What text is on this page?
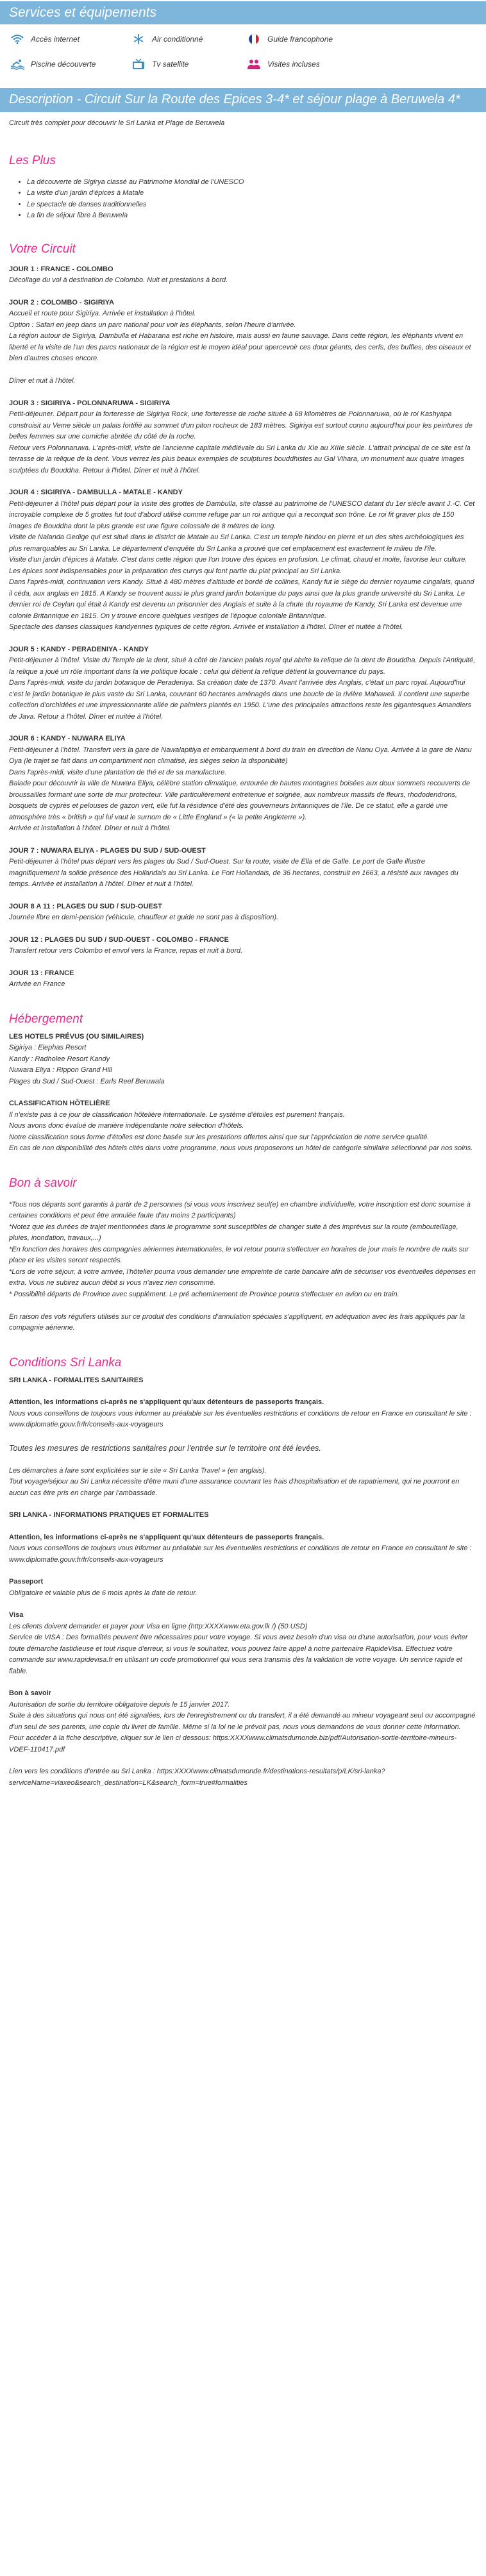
Services et équipements
Accès internet	Air conditionné	Guide francophone
Piscine découverte	Tv satellite	Visites incluses
Description - Circuit Sur la Route des Epices 3-4* et séjour plage à Beruwela 4*
Circuit très complet pour découvrir le Sri Lanka et Plage de Beruwela
Les Plus
• La découverte de Sigirya classé au Patrimoine Mondial de l'UNESCO
• La visite d'un jardin d'épices à Matale
• Le spectacle de danses traditionnelles
• La fin de séjour libre à Beruwela
Votre Circuit
JOUR 1 : FRANCE - COLOMBO
Décollage du vol à destination de Colombo. Nuit et prestations à bord.
JOUR 2 : COLOMBO - SIGIRIYA
Accueil et route pour Sigiriya. Arrivée et installation à l'hôtel.
Option : Safari en jeep dans un parc national pour voir les éléphants, selon l'heure d'arrivée.
La région autour de Sigiriya, Dambulla et Habarana est riche en histoire, mais aussi en faune sauvage. Dans cette région, les éléphants vivent en liberté et la visite de l'un des parcs nationaux de la région est le moyen idéal pour apercevoir ces doux géants, des cerfs, des buffles, des oiseaux et bien d'autres choses encore.

Dîner et nuit à l'hôtel.
JOUR 3 : SIGIRIYA - POLONNARUWA - SIGIRIYA
Petit-déjeuner. Départ pour la forteresse de Sigiriya Rock, une forteresse de roche située à 68 kilomètres de Polonnaruwa, où le roi Kashyapa construisit au Veme siècle un palais fortifié au sommet d'un piton rocheux de 183 mètres. Sigiriya est surtout connu aujourd'hui pour les peintures de belles femmes sur une corniche abritée du côté de la roche.
Retour vers Polonnaruwa. L'après-midi, visite de l'ancienne capitale médiévale du Sri Lanka du XIe au XIIIe siècle. L'attrait principal de ce site est la terrasse de la relique de la dent. Vous verrez les plus beaux exemples de sculptures bouddhistes au Gal Vihara, un monument aux quatre images sculptées du Bouddha. Retour à l'hôtel. Dîner et nuit à l'hôtel.
JOUR 4 : SIGIRIYA - DAMBULLA - MATALE - KANDY
Petit-déjeuner à l'hôtel puis départ pour la visite des grottes de Dambulla, site classé au patrimoine de l'UNESCO datant du 1er siècle avant J.-C. Cet incroyable complexe de 5 grottes fut tout d'abord utilisé comme refuge par un roi antique qui a reconquit son trône. Le roi fit graver plus de 150 images de Bouddha dont la plus grande est une figure colossale de 8 mètres de long.
Visite de Nalanda Gedige qui est situé dans le district de Matale au Sri Lanka. C'est un temple hindou en pierre et un des sites archéologiques les plus remarquables au Sri Lanka. Le département d'enquête du Sri Lanka a prouvé que cet emplacement est exactement le milieu de l'île.
Visite d'un jardin d'épices à Matale. C'est dans cette région que l'on trouve des épices en profusion. Le climat, chaud et moite, favorise leur culture. Les épices sont indispensables pour la préparation des currys qui font partie du plat principal au Sri Lanka.
Dans l'après-midi, continuation vers Kandy. Situé à 480 mètres d'altitude et bordé de collines, Kandy fut le siège du dernier royaume cingalais, quand il céda, aux anglais en 1815. A Kandy se trouvent aussi le plus grand jardin botanique du pays ainsi que la plus grande université du Sri Lanka. Le dernier roi de Ceylan qui était à Kandy est devenu un prisonnier des Anglais et suite à la chute du royaume de Kandy, Sri Lanka est devenue une colonie Britannique en 1815. On y trouve encore quelques vestiges de l'époque coloniale Britannique.
Spectacle des danses classiques kandyennes typiques de cette région. Arrivée et installation à l'hôtel. Dîner et nuitée à l'hôtel.
JOUR 5 : KANDY - PERADENIYA - KANDY
Petit-déjeuner à l'hôtel. Visite du Temple de la dent, situé à côté de l'ancien palais royal qui abrite la relique de la dent de Bouddha. Depuis l'Antiquité, la relique a joué un rôle important dans la vie politique locale : celui qui détient la relique détient la gouvernance du pays.
Dans l'après-midi, visite du jardin botanique de Peradeniya. Sa création date de 1370. Avant l'arrivée des Anglais, c'était un parc royal. Aujourd'hui c'est le jardin botanique le plus vaste du Sri Lanka, couvrant 60 hectares aménagés dans une boucle de la rivière Mahaweli. Il contient une superbe collection d'orchidées et une impressionnante allée de palmiers plantés en 1950. L'une des principales attractions reste les gigantesques Amandiers de Java. Retour à l'hôtel. Dîner et nuitée à l'hôtel.
JOUR 6 : KANDY - NUWARA ELIYA
Petit-déjeuner à l'hôtel. Transfert vers la gare de Nawalapitiya et embarquement à bord du train en direction de Nanu Oya. Arrivée à la gare de Nanu Oya (le trajet se fait dans un compartiment non climatisé, les sièges selon la disponibilité)
Dans l'après-midi, visite d'une plantation de thé et de sa manufacture.
Balade pour découvrir la ville de Nuwara Eliya, célèbre station climatique, entourée de hautes montagnes boisées aux doux sommets recouverts de broussailles formant une sorte de mur protecteur. Ville particulièrement entretenue et soignée, aux nombreux massifs de fleurs, rhododendrons, bosquets de cyprès et pelouses de gazon vert, elle fut la résidence d'été des gouverneurs britanniques de l'île. De ce statut, elle a gardé une atmosphère très « british » qui lui vaut le surnom de « Little England » (« la petite Angleterre »).
Arrivée et installation à l'hôtel. Dîner et nuit à l'hôtel.
JOUR 7 : NUWARA ELIYA - PLAGES DU SUD / SUD-OUEST
Petit-déjeuner à l'hôtel puis départ vers les plages du Sud / Sud-Ouest. Sur la route, visite de Ella et de Galle. Le port de Galle illustre magnifiquement la solide présence des Hollandais au Sri Lanka. Le Fort Hollandais, de 36 hectares, construit en 1663, a résisté aux ravages du temps. Arrivée et installation à l'hôtel. Dîner et nuit à l'hôtel.
JOUR 8 A 11 : PLAGES DU SUD / SUD-OUEST
Journée libre en demi-pension (véhicule, chauffeur et guide ne sont pas à disposition).
JOUR 12 : PLAGES DU SUD / SUD-OUEST - COLOMBO - FRANCE
Transfert retour vers Colombo et envol vers la France, repas et nuit à bord.
JOUR 13 : FRANCE
Arrivée en France
Hébergement
LES HOTELS PRÉVUS (OU SIMILAIRES)
Sigiriya : Elephas Resort
Kandy : Radholee Resort Kandy
Nuwara Eliya : Rippon Grand Hill
Plages du Sud / Sud-Ouest : Earls Reef Beruwala
CLASSIFICATION HÔTELIÈRE
Il n'existe pas à ce jour de classification hôtelière internationale. Le système d'étoiles est purement français.
Nous avons donc évalué de manière indépendante notre sélection d'hôtels.
Notre classification sous forme d'étoiles est donc basée sur les prestations offertes ainsi que sur l'appréciation de notre service qualité.
En cas de non disponibilité des hôtels cités dans votre programme, nous vous proposerons un hôtel de catégorie similaire sélectionné par nos soins.
Bon à savoir
*Tous nos départs sont garantis à partir de 2 personnes (si vous vous inscrivez seul(e) en chambre individuelle, votre inscription est donc soumise à certaines conditions et peut être annulée faute d'au moins 2 participants)
*Notez que les durées de trajet mentionnées dans le programme sont susceptibles de changer suite à des imprévus sur la route (embouteillage, pluies, inondation, travaux,...)
*En fonction des horaires des compagnies aériennes internationales, le vol retour pourra s'effectuer en horaires de jour mais le nombre de nuits sur place et les visites seront respectés.
*Lors de votre séjour, à votre arrivée, l'hôtelier pourra vous demander une empreinte de carte bancaire afin de sécuriser vos éventuelles dépenses en extra. Vous ne subirez aucun débit si vous n'avez rien consommé.
* Possibilité départs de Province avec supplément. Le pré acheminement de Province pourra s'effectuer en avion ou en train.

En raison des vols réguliers utilisés sur ce produit des conditions d'annulation spéciales s'appliquent, en adéquation avec les frais appliqués par la compagnie aérienne.
Conditions Sri Lanka
SRI LANKA - FORMALITES SANITAIRES
Attention, les informations ci-après ne s'appliquent qu'aux détenteurs de passeports français.
Nous vous conseillons de toujours vous informer au préalable sur les éventuelles restrictions et conditions de retour en France en consultant le site : www.diplomatie.gouv.fr/fr/conseils-aux-voyageurs
Toutes les mesures de restrictions sanitaires pour l'entrée sur le territoire ont été levées.
Les démarches à faire sont explicitées sur le site « Sri Lanka Travel » (en anglais).
Tout voyage/séjour au Sri Lanka nécessite d'être muni d'une assurance couvrant les frais d'hospitalisation et de rapatriement, qui ne pourront en aucun cas être pris en charge par l'ambassade.
SRI LANKA - INFORMATIONS PRATIQUES ET FORMALITES
Attention, les informations ci-après ne s'appliquent qu'aux détenteurs de passeports français.
Nous vous conseillons de toujours vous informer au préalable sur les éventuelles restrictions et conditions de retour en France en consultant le site : www.diplomatie.gouv.fr/fr/conseils-aux-voyageurs
Passeport
Obligatoire et valable plus de 6 mois après la date de retour.
Visa
Les clients doivent demander et payer pour Visa en ligne (http:XXXXwww.eta.gov.lk /) (50 USD)
Service de VISA : Des formalités peuvent être nécessaires pour votre voyage. Si vous avez besoin d'un visa ou d'une autorisation, pour vous éviter toute démarche fastidieuse et tout risque d'erreur, si vous le souhaitez, vous pouvez faire appel à notre partenaire RapideVisa. Effectuez votre commande sur www.rapidevisa.fr en utilisant un code promotionnel qui vous sera transmis dès la validation de votre voyage. Un service rapide et fiable.
Bon à savoir
Autorisation de sortie du territoire obligatoire depuis le 15 janvier 2017.
Suite à des situations qui nous ont été signalées, lors de l'enregistrement ou du transfert, il a été demandé au mineur voyageant seul ou accompagné d'un seul de ses parents, une copie du livret de famille. Même si la loi ne le prévoit pas, nous vous demandons de vous donner cette information. Pour accéder à la fiche descriptive, cliquer sur le lien ci dessous: https:XXXXwww.climatsdumonde.biz/pdf/Autorisation-sortie-territoire-mineurs-VDEF-110417.pdf
Lien vers les conditions d'entrée au Sri Lanka : https:XXXXwww.climatsdumonde.fr/destinations-resultats/p/LK/sri-lanka?serviceName=viaxeo&search_destination=LK&search_form=true#formalities
